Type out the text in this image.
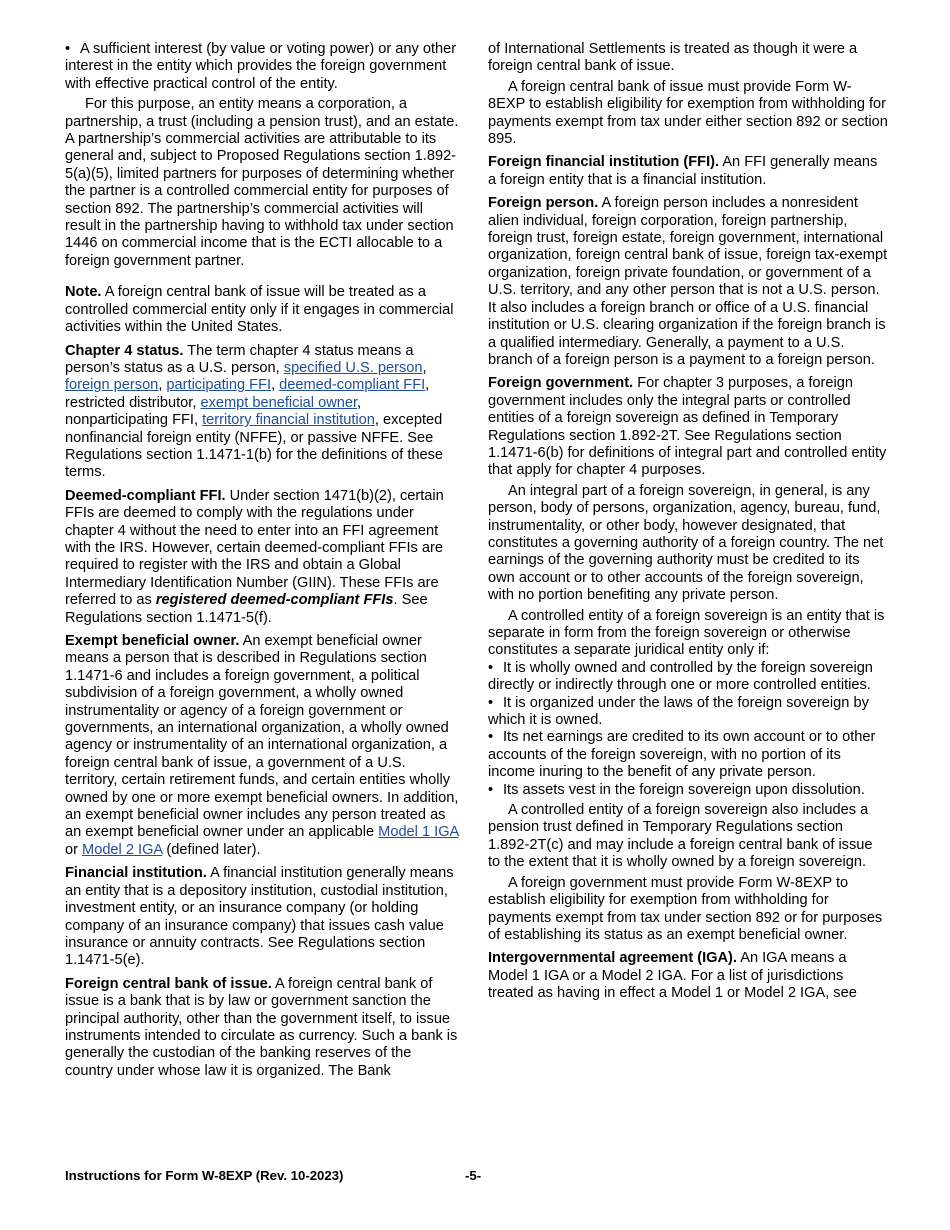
• A sufficient interest (by value or voting power) or any other interest in the entity which provides the foreign government with effective practical control of the entity.

For this purpose, an entity means a corporation, a partnership, a trust (including a pension trust), and an estate. A partnership’s commercial activities are attributable to its general and, subject to Proposed Regulations section 1.892-5(a)(5), limited partners for purposes of determining whether the partner is a controlled commercial entity for purposes of section 892. The partnership’s commercial activities will result in the partnership having to withhold tax under section 1446 on commercial income that is the ECTI allocable to a foreign government partner.

Note. A foreign central bank of issue will be treated as a controlled commercial entity only if it engages in commercial activities within the United States.

Chapter 4 status. The term chapter 4 status means a person’s status as a U.S. person, specified U.S. person, foreign person, participating FFI, deemed-compliant FFI, restricted distributor, exempt beneficial owner, nonparticipating FFI, territory financial institution, excepted nonfinancial foreign entity (NFFE), or passive NFFE. See Regulations section 1.1471-1(b) for the definitions of these terms.

Deemed-compliant FFI. Under section 1471(b)(2), certain FFIs are deemed to comply with the regulations under chapter 4 without the need to enter into an FFI agreement with the IRS. However, certain deemed-compliant FFIs are required to register with the IRS and obtain a Global Intermediary Identification Number (GIIN). These FFIs are referred to as registered deemed-compliant FFIs. See Regulations section 1.1471-5(f).

Exempt beneficial owner. An exempt beneficial owner means a person that is described in Regulations section 1.1471-6 and includes a foreign government, a political subdivision of a foreign government, a wholly owned instrumentality or agency of a foreign government or governments, an international organization, a wholly owned agency or instrumentality of an international organization, a foreign central bank of issue, a government of a U.S. territory, certain retirement funds, and certain entities wholly owned by one or more exempt beneficial owners. In addition, an exempt beneficial owner includes any person treated as an exempt beneficial owner under an applicable Model 1 IGA or Model 2 IGA (defined later).

Financial institution. A financial institution generally means an entity that is a depository institution, custodial institution, investment entity, or an insurance company (or holding company of an insurance company) that issues cash value insurance or annuity contracts. See Regulations section 1.1471-5(e).

Foreign central bank of issue. A foreign central bank of issue is a bank that is by law or government sanction the principal authority, other than the government itself, to issue instruments intended to circulate as currency. Such a bank is generally the custodian of the banking reserves of the country under whose law it is organized. The Bank

of International Settlements is treated as though it were a foreign central bank of issue.

A foreign central bank of issue must provide Form W-8EXP to establish eligibility for exemption from withholding for payments exempt from tax under either section 892 or section 895.

Foreign financial institution (FFI). An FFI generally means a foreign entity that is a financial institution.

Foreign person. A foreign person includes a nonresident alien individual, foreign corporation, foreign partnership, foreign trust, foreign estate, foreign government, international organization, foreign central bank of issue, foreign tax-exempt organization, foreign private foundation, or government of a U.S. territory, and any other person that is not a U.S. person. It also includes a foreign branch or office of a U.S. financial institution or U.S. clearing organization if the foreign branch is a qualified intermediary. Generally, a payment to a U.S. branch of a foreign person is a payment to a foreign person.

Foreign government. For chapter 3 purposes, a foreign government includes only the integral parts or controlled entities of a foreign sovereign as defined in Temporary Regulations section 1.892-2T. See Regulations section 1.1471-6(b) for definitions of integral part and controlled entity that apply for chapter 4 purposes.

An integral part of a foreign sovereign, in general, is any person, body of persons, organization, agency, bureau, fund, instrumentality, or other body, however designated, that constitutes a governing authority of a foreign country. The net earnings of the governing authority must be credited to its own account or to other accounts of the foreign sovereign, with no portion benefiting any private person.

A controlled entity of a foreign sovereign is an entity that is separate in form from the foreign sovereign or otherwise constitutes a separate juridical entity only if:

• It is wholly owned and controlled by the foreign sovereign directly or indirectly through one or more controlled entities.

• It is organized under the laws of the foreign sovereign by which it is owned.

• Its net earnings are credited to its own account or to other accounts of the foreign sovereign, with no portion of its income inuring to the benefit of any private person.

• Its assets vest in the foreign sovereign upon dissolution.

A controlled entity of a foreign sovereign also includes a pension trust defined in Temporary Regulations section 1.892-2T(c) and may include a foreign central bank of issue to the extent that it is wholly owned by a foreign sovereign.

A foreign government must provide Form W-8EXP to establish eligibility for exemption from withholding for payments exempt from tax under section 892 or for purposes of establishing its status as an exempt beneficial owner.

Intergovernmental agreement (IGA). An IGA means a Model 1 IGA or a Model 2 IGA. For a list of jurisdictions treated as having in effect a Model 1 or Model 2 IGA, see

Instructions for Form W-8EXP (Rev. 10-2023)	-5-
